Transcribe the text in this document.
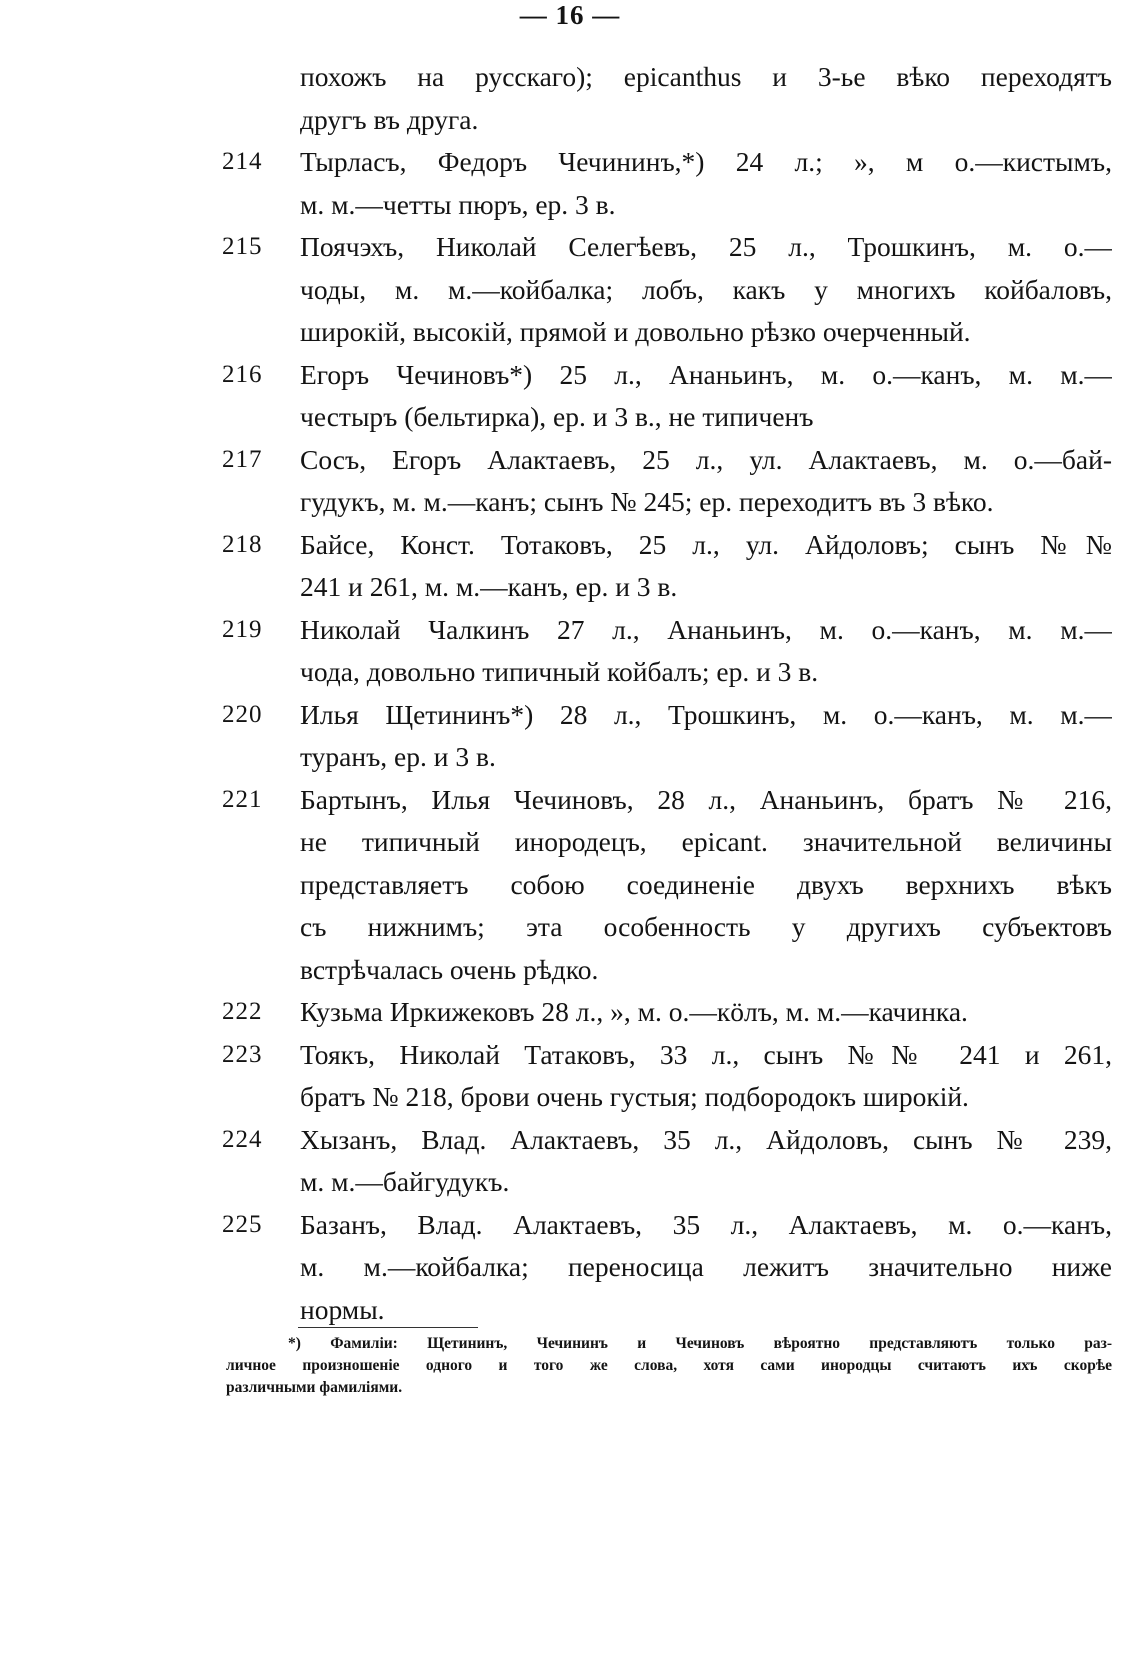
— 16 —
похожъ на русскаго); epicanthus и 3-ье вѣко переходятъ
другъ въ друга.
214	Тырласъ, Федоръ Чечининъ,*) 24 л.; », м о.—кистымъ,
м. м.—четты пюръ, ер. 3 в.
215	Поячэхъ, Николай Селегѣевъ, 25 л., Трошкинъ, м. о.—
чоды, м. м.—койбалка; лобъ, какъ у многихъ койбаловъ,
широкій, высокій, прямой и довольно рѣзко очерченный.
216	Егоръ Чечиновъ*) 25 л., Ананьинъ, м. о.—канъ, м. м.—
честыръ (бельтирка), ер. и 3 в., не типиченъ
217	Сосъ, Егоръ Алактаевъ, 25 л., ул. Алактаевъ, м. о.—бай-
гудукъ, м. м.—канъ; сынъ № 245; ер. переходитъ въ 3 вѣко.
218	Байсе, Конст. Тотаковъ, 25 л., ул. Айдоловъ; сынъ №№
241 и 261, м. м.—канъ, ер. и 3 в.
219	Николай Чалкинъ 27 л., Ананьинъ, м. о.—канъ, м. м.—
чода, довольно типичный койбалъ; ер. и 3 в.
220	Илья Щетининъ*) 28 л., Трошкинъ, м. о.—канъ, м. м.—
туранъ, ер. и 3 в.
221	Бартынъ, Илья Чечиновъ, 28 л., Ананьинъ, братъ № 216,
не типичный инородецъ, epicant. значительной величины
представляетъ собою соединеніе двухъ верхнихъ вѣкъ
съ нижнимъ; эта особенность у другихъ субъектовъ
встрѣчалась очень рѣдко.
222	Кузьма Иркижековъ 28 л., », м. о.—кöлъ, м. м.—качинка.
223	Тоякъ, Николай Татаковъ, 33 л., сынъ №№ 241 и 261,
братъ № 218, брови очень густыя; подбородокъ широкій.
224	Хызанъ, Влад. Алактаевъ, 35 л., Айдоловъ, сынъ № 239,
м. м.—байгудукъ.
225	Базанъ, Влад. Алактаевъ, 35 л., Алактаевъ, м. о.—канъ,
м. м.—койбалка; переносица лежитъ значительно ниже
нормы.
*) Фамиліи: Щетининъ, Чечининъ и Чечиновъ вѣроятно представляютъ только раз-
личное произношеніе одного и того же слова, хотя сами инородцы считаютъ ихъ скорѣе
различными фамиліями.
